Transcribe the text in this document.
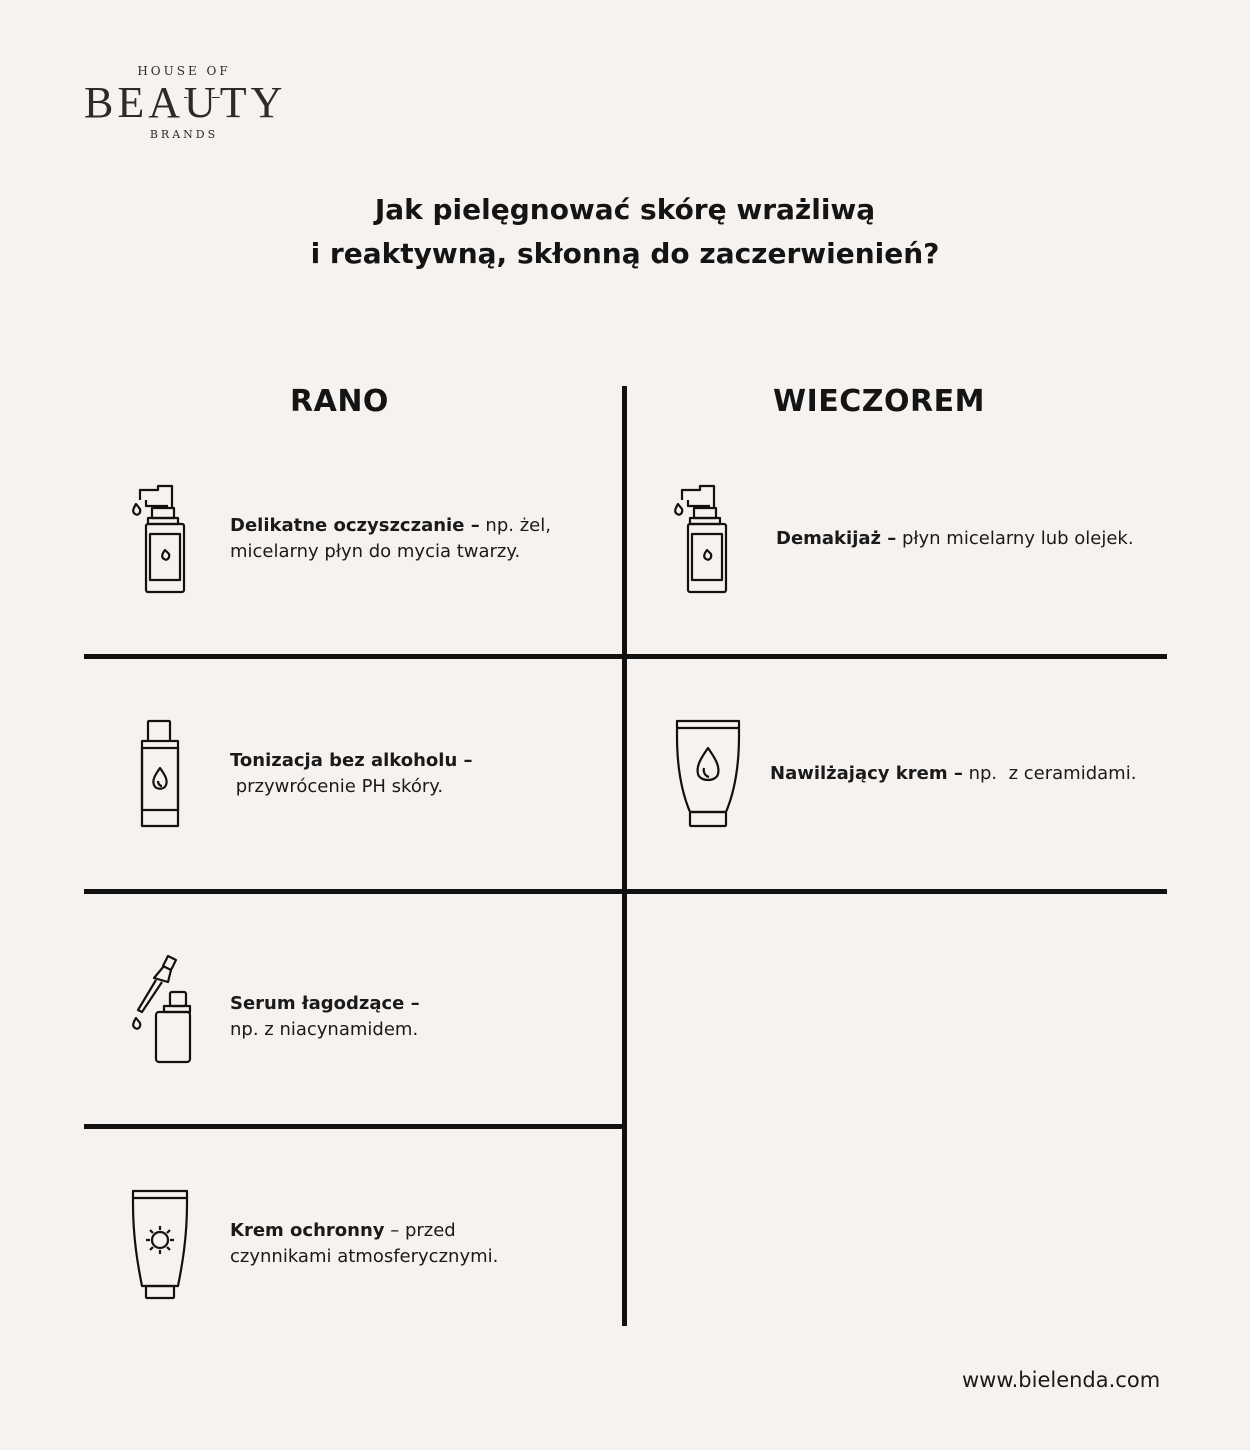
HOUSE OF
BEAUTY
BRANDS
Jak pielęgnować skórę wrażliwą
i reaktywną, skłonną do zaczerwienień?
RANO	WIECZOREM
Delikatne oczyszczanie – np. żel,
micelarny płyn do mycia twarzy.
Tonizacja bez alkoholu –
przywrócenie PH skóry.
Serum łagodzące –
np. z niacynamidem.
Krem ochronny – przed
czynnikami atmosferycznymi.
Demakijaż – płyn micelarny lub olejek.
Nawilżający krem – np.  z ceramidami.
www.bielenda.com
